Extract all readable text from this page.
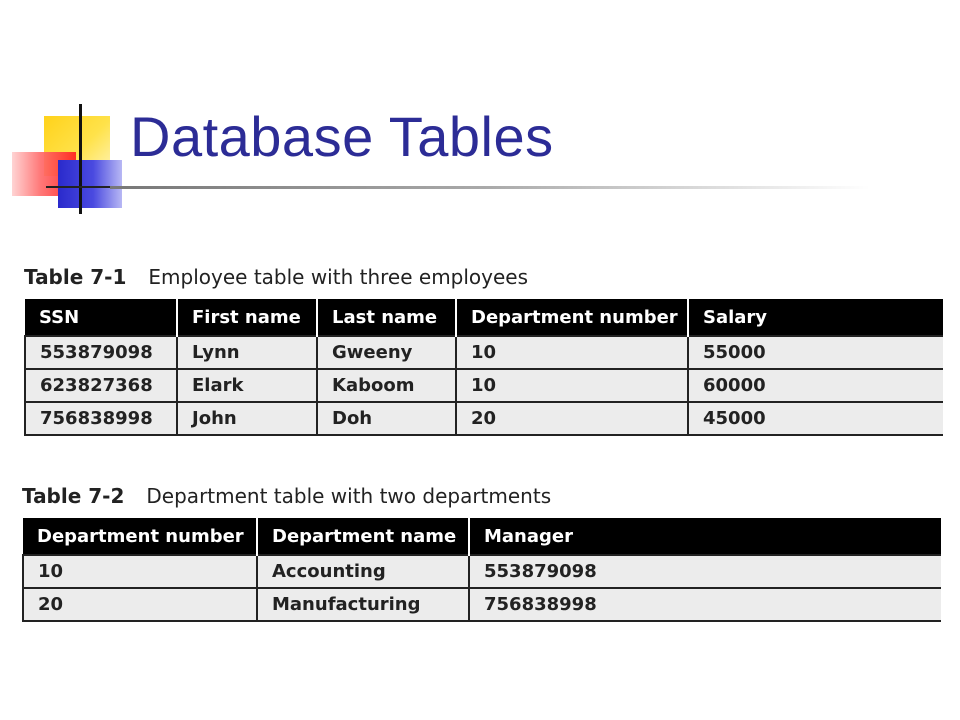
Database Tables
Table 7-1 Employee table with three employees
SSN	First name	Last name	Department number	Salary
553879098	Lynn	Gweeny	10	55000
623827368	Elark	Kaboom	10	60000
756838998	John	Doh	20	45000
Table 7-2 Department table with two departments
Department number	Department name	Manager
10	Accounting	553879098
20	Manufacturing	756838998
